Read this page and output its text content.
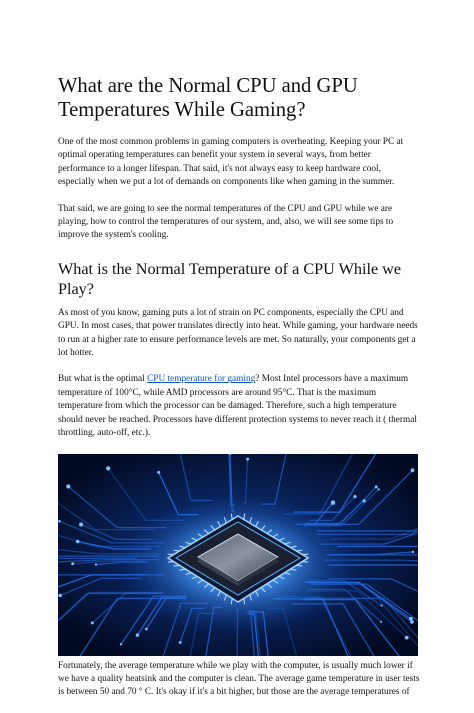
What are the Normal CPU and GPU Temperatures While Gaming?

One of the most common problems in gaming computers is overheating. Keeping your PC at optimal operating temperatures can benefit your system in several ways, from better performance to a longer lifespan. That said, it's not always easy to keep hardware cool, especially when we put a lot of demands on components like when gaming in the summer.

That said, we are going to see the normal temperatures of the CPU and GPU while we are playing, how to control the temperatures of our system, and, also, we will see some tips to improve the system's cooling.

What is the Normal Temperature of a CPU While we Play?

As most of you know, gaming puts a lot of strain on PC components, especially the CPU and GPU. In most cases, that power translates directly into heat. While gaming, your hardware needs to run at a higher rate to ensure performance levels are met. So naturally, your components get a lot hotter.

But what is the optimal CPU temperature for gaming? Most Intel processors have a maximum temperature of 100°C, while AMD processors are around 95°C. That is the maximum temperature from which the processor can be damaged. Therefore, such a high temperature should never be reached. Processors have different protection systems to never reach it ( thermal throttling, auto-off, etc.).

Fortunately, the average temperature while we play with the computer, is usually much lower if we have a quality heatsink and the computer is clean. The average game temperature in user tests is between 50 and 70 ° C. It's okay if it's a bit higher, but those are the average temperatures of
